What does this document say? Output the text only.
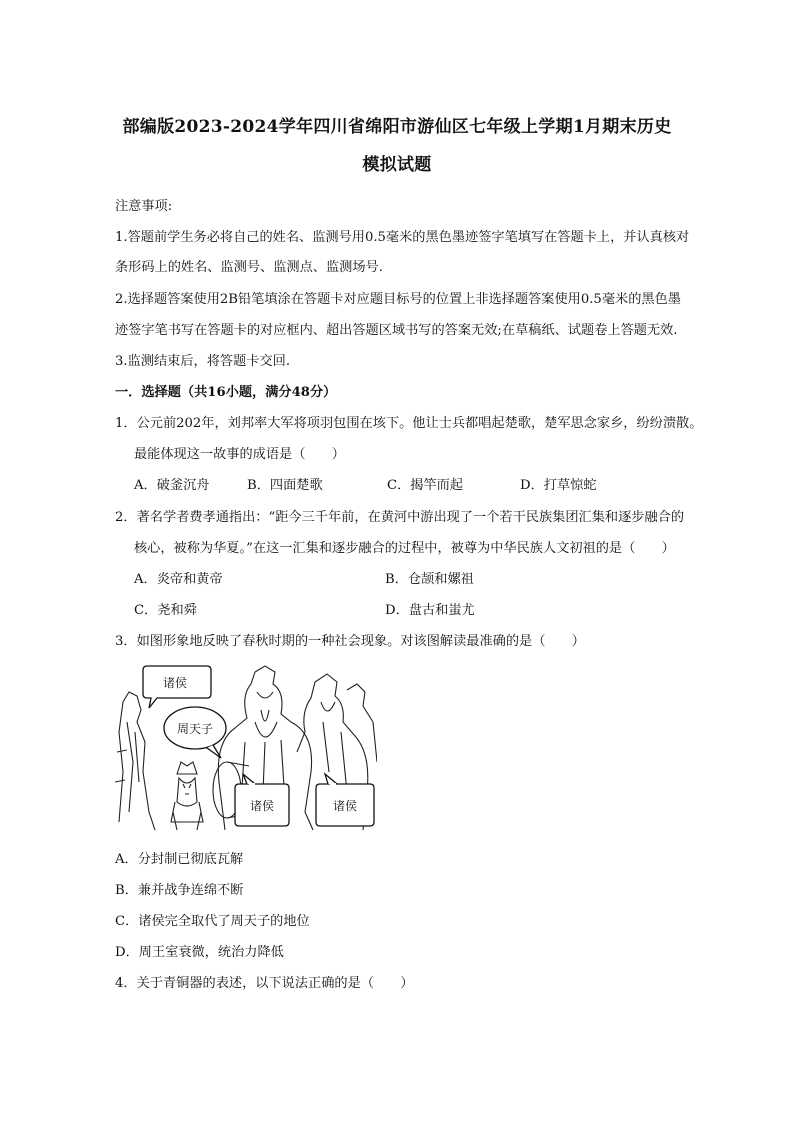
部编版2023-2024学年四川省绵阳市游仙区七年级上学期1月期末历史
模拟试题
注意事项:
1.答题前学生务必将自己的姓名、监测号用0.5毫米的黑色墨迹签字笔填写在答题卡上，并认真核对
条形码上的姓名、监测号、监测点、监测场号.
2.选择题答案使用2B铅笔填涂在答题卡对应题目标号的位置上非选择题答案使用0.5毫米的黑色墨
迹签字笔书写在答题卡的对应框内、超出答题区域书写的答案无效;在草稿纸、试题卷上答题无效.
3.监测结束后，将答题卡交回.
一．选择题（共16小题，满分48分）
1．公元前202年，刘邦率大军将项羽包围在垓下。他让士兵都唱起楚歌，楚军思念家乡，纷纷溃散。
最能体现这一故事的成语是（　　）
A．破釜沉舟	B．四面楚歌	C．揭竿而起	D．打草惊蛇
2．著名学者费孝通指出：“距今三千年前，在黄河中游出现了一个若干民族集团汇集和逐步融合的
核心，被称为华夏。”在这一汇集和逐步融合的过程中，被尊为中华民族人文初祖的是（　　）
A．炎帝和黄帝	B．仓颉和嫘祖
C．尧和舜	D．盘古和蚩尤
3．如图形象地反映了春秋时期的一种社会现象。对该图解读最准确的是（　　）
诸侯
周天子
诸侯	诸侯
A．分封制已彻底瓦解
B．兼并战争连绵不断
C．诸侯完全取代了周天子的地位
D．周王室衰微，统治力降低
4．关于青铜器的表述，以下说法正确的是（　　）
